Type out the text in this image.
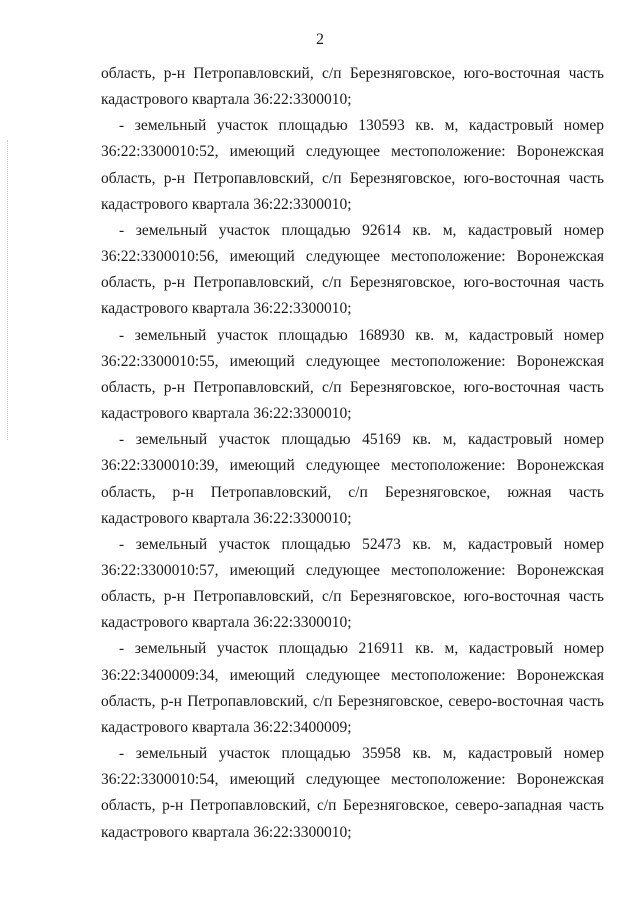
2

область, р-н Петропавловский, с/п Березняговское, юго-восточная часть кадастрового квартала 36:22:3300010;

- земельный участок площадью 130593 кв. м, кадастровый номер 36:22:3300010:52, имеющий следующее местоположение: Воронежская область, р-н Петропавловский, с/п Березняговское, юго-восточная часть кадастрового квартала 36:22:3300010;

- земельный участок площадью 92614 кв. м, кадастровый номер 36:22:3300010:56, имеющий следующее местоположение: Воронежская область, р-н Петропавловский, с/п Березняговское, юго-восточная часть кадастрового квартала 36:22:3300010;

- земельный участок площадью 168930 кв. м, кадастровый номер 36:22:3300010:55, имеющий следующее местоположение: Воронежская область, р-н Петропавловский, с/п Березняговское, юго-восточная часть кадастрового квартала 36:22:3300010;

- земельный участок площадью 45169 кв. м, кадастровый номер 36:22:3300010:39, имеющий следующее местоположение: Воронежская область, р-н Петропавловский, с/п Березняговское, южная часть кадастрового квартала 36:22:3300010;

- земельный участок площадью 52473 кв. м, кадастровый номер 36:22:3300010:57, имеющий следующее местоположение: Воронежская область, р-н Петропавловский, с/п Березняговское, юго-восточная часть кадастрового квартала 36:22:3300010;

- земельный участок площадью 216911 кв. м, кадастровый номер 36:22:3400009:34, имеющий следующее местоположение: Воронежская область, р-н Петропавловский, с/п Березняговское, северо-восточная часть кадастрового квартала 36:22:3400009;

- земельный участок площадью 35958 кв. м, кадастровый номер 36:22:3300010:54, имеющий следующее местоположение: Воронежская область, р-н Петропавловский, с/п Березняговское, северо-западная часть кадастрового квартала 36:22:3300010;
